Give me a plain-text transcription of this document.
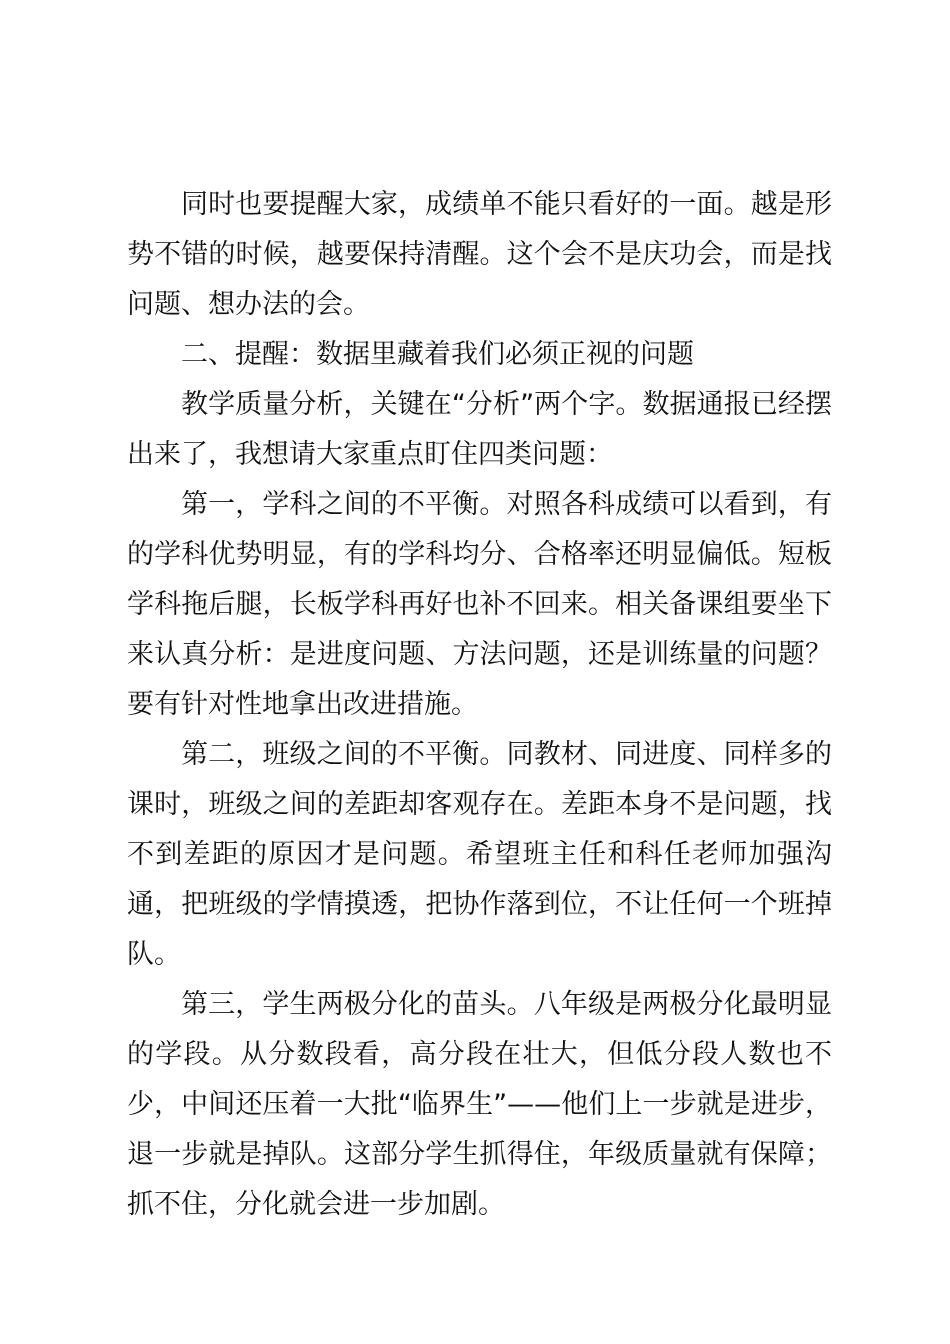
同时也要提醒大家，成绩单不能只看好的一面。越是形势不错的时候，越要保持清醒。这个会不是庆功会，而是找问题、想办法的会。

二、提醒：数据里藏着我们必须正视的问题

教学质量分析，关键在“分析”两个字。数据通报已经摆出来了，我想请大家重点盯住四类问题：

第一，学科之间的不平衡。对照各科成绩可以看到，有的学科优势明显，有的学科均分、合格率还明显偏低。短板学科拖后腿，长板学科再好也补不回来。相关备课组要坐下来认真分析：是进度问题、方法问题，还是训练量的问题？要有针对性地拿出改进措施。

第二，班级之间的不平衡。同教材、同进度、同样多的课时，班级之间的差距却客观存在。差距本身不是问题，找不到差距的原因才是问题。希望班主任和科任老师加强沟通，把班级的学情摸透，把协作落到位，不让任何一个班掉队。

第三，学生两极分化的苗头。八年级是两极分化最明显的学段。从分数段看，高分段在壮大，但低分段人数也不少，中间还压着一大批“临界生”——他们上一步就是进步，退一步就是掉队。这部分学生抓得住，年级质量就有保障；抓不住，分化就会进一步加剧。
